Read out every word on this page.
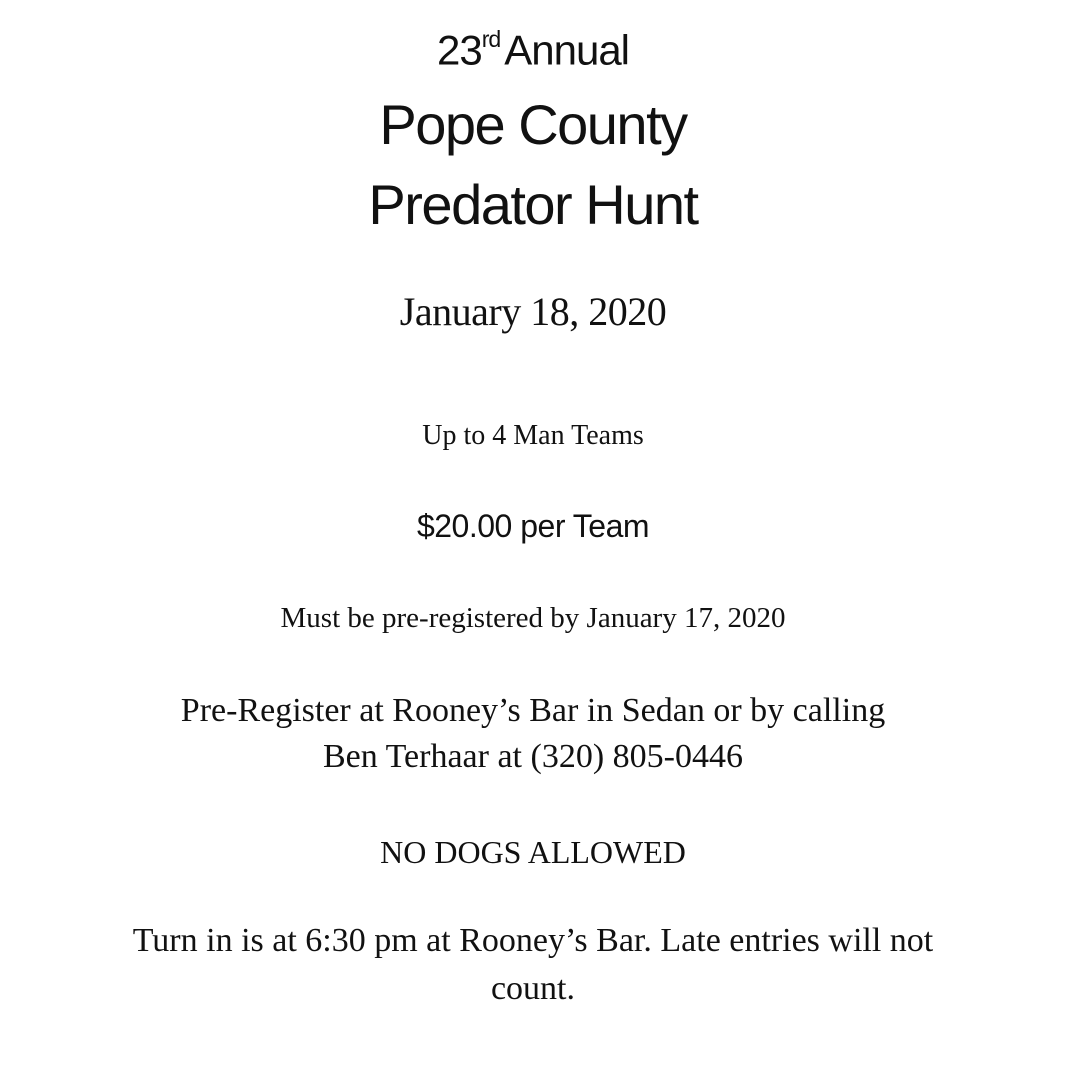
23rdAnnual
Pope County
Predator Hunt
January 18, 2020
Up to 4 Man Teams
$20.00 per Team
Must be pre-registered by January 17, 2020
Pre-Register at Rooney’s Bar in Sedan or by calling
Ben Terhaar at (320) 805-0446
NO DOGS ALLOWED
Turn in is at 6:30 pm at Rooney’s Bar. Late entries will not
count.
